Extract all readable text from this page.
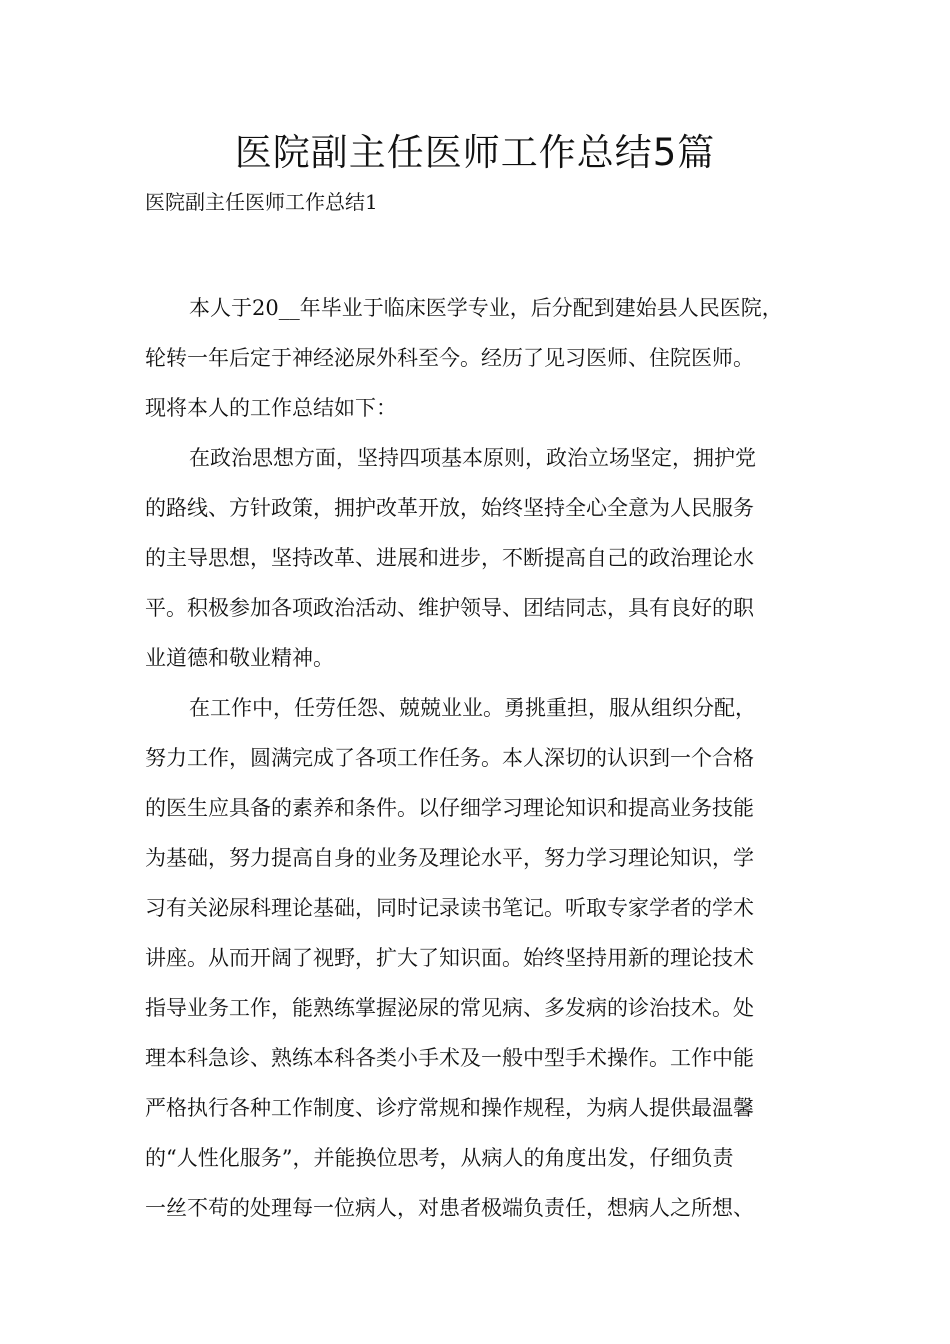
医院副主任医师工作总结5篇
医院副主任医师工作总结1

本人于20__年毕业于临床医学专业，后分配到建始县人民医院，
轮转一年后定于神经泌尿外科至今。经历了见习医师、住院医师。
现将本人的工作总结如下：

在政治思想方面，坚持四项基本原则，政治立场坚定，拥护党
的路线、方针政策，拥护改革开放，始终坚持全心全意为人民服务
的主导思想，坚持改革、进展和进步，不断提高自己的政治理论水
平。积极参加各项政治活动、维护领导、团结同志，具有良好的职
业道德和敬业精神。

在工作中，任劳任怨、兢兢业业。勇挑重担，服从组织分配，
努力工作，圆满完成了各项工作任务。本人深切的认识到一个合格
的医生应具备的素养和条件。以仔细学习理论知识和提高业务技能
为基础，努力提高自身的业务及理论水平，努力学习理论知识，学
习有关泌尿科理论基础，同时记录读书笔记。听取专家学者的学术
讲座。从而开阔了视野，扩大了知识面。始终坚持用新的理论技术
指导业务工作，能熟练掌握泌尿的常见病、多发病的诊治技术。处
理本科急诊、熟练本科各类小手术及一般中型手术操作。工作中能
严格执行各种工作制度、诊疗常规和操作规程，为病人提供最温馨
的“人性化服务”，并能换位思考，从病人的角度出发，仔细负责
一丝不苟的处理每一位病人，对患者极端负责任，想病人之所想、
